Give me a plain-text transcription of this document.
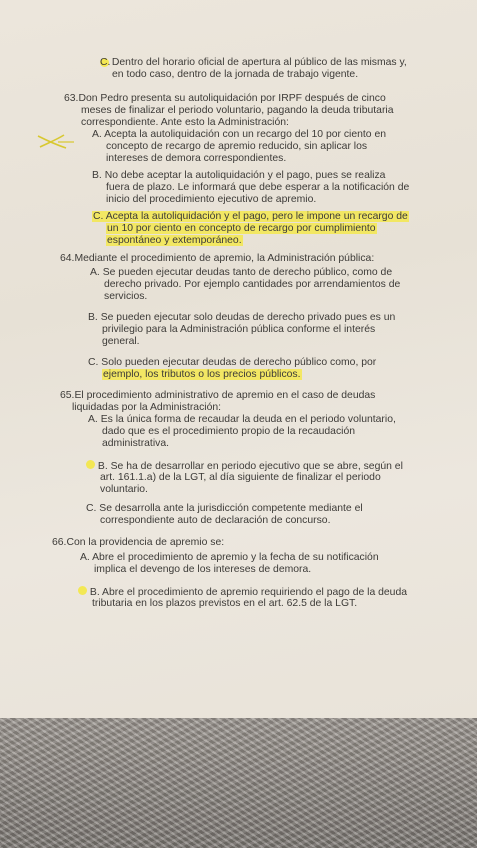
C. Dentro del horario oficial de apertura al público de las mismas y,

en todo caso, dentro de la jornada de trabajo vigente.

63.Don Pedro presenta su autoliquidación por IRPF después de cinco

meses de finalizar el periodo voluntario, pagando la deuda tributaria

correspondiente. Ante esto la Administración:

A. Acepta la autoliquidación con un recargo del 10 por ciento en

concepto de recargo de apremio reducido, sin aplicar los

intereses de demora correspondientes.

B. No debe aceptar la autoliquidación y el pago, pues se realiza

fuera de plazo. Le informará que debe esperar a la notificación de

inicio del procedimiento ejecutivo de apremio.

C. Acepta la autoliquidación y el pago, pero le impone un recargo de

un 10 por ciento en concepto de recargo por cumplimiento

espontáneo y extemporáneo.

64.Mediante el procedimiento de apremio, la Administración pública:

A. Se pueden ejecutar deudas tanto de derecho público, como de

derecho privado. Por ejemplo cantidades por arrendamientos de

servicios.

B. Se pueden ejecutar solo deudas de derecho privado pues es un

privilegio para la Administración pública conforme el interés

general.

C. Solo pueden ejecutar deudas de derecho público como, por

ejemplo, los tributos o los precios públicos.

65.El procedimiento administrativo de apremio en el caso de deudas

liquidadas por la Administración:

A. Es la única forma de recaudar la deuda en el periodo voluntario,

dado que es el procedimiento propio de la recaudación

administrativa.

B. Se ha de desarrollar en periodo ejecutivo que se abre, según el

art. 161.1.a) de la LGT, al día siguiente de finalizar el periodo

voluntario.

C. Se desarrolla ante la jurisdicción competente mediante el

correspondiente auto de declaración de concurso.

66.Con la providencia de apremio se:

A. Abre el procedimiento de apremio y la fecha de su notificación

implica el devengo de los intereses de demora.

B. Abre el procedimiento de apremio requiriendo el pago de la deuda

tributaria en los plazos previstos en el art. 62.5 de la LGT.
